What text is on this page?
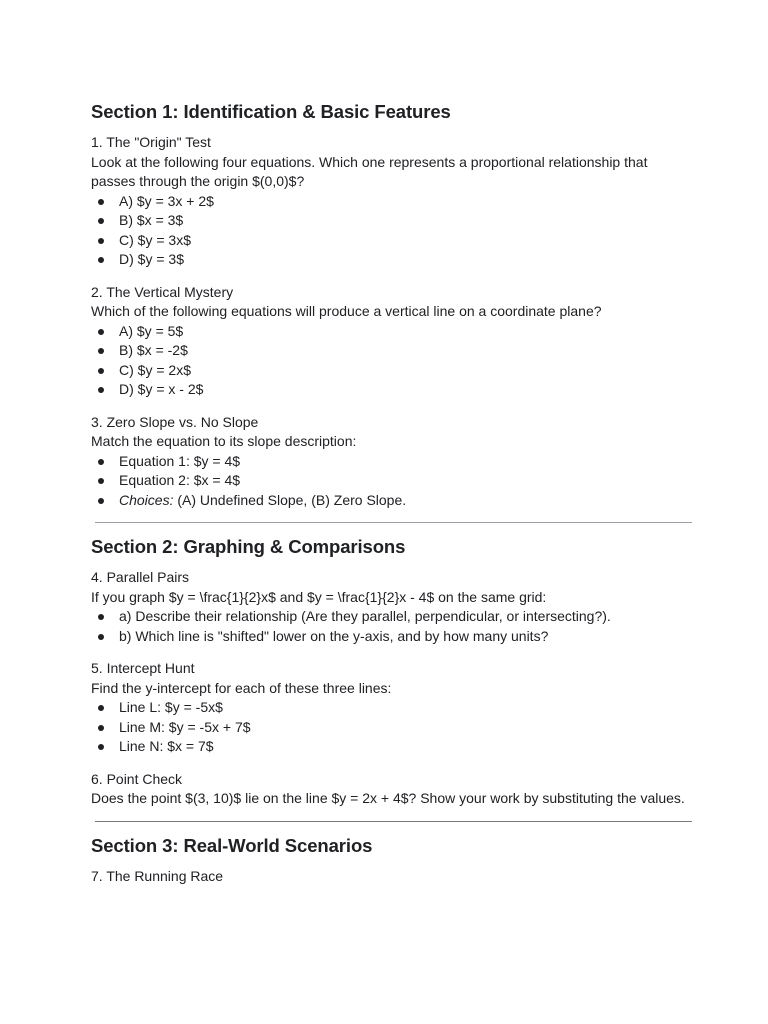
Section 1: Identification & Basic Features

1. The "Origin" Test

Look at the following four equations. Which one represents a proportional relationship that passes through the origin $(0,0)$?

A) $y = 3x + 2$
B) $x = 3$
C) $y = 3x$
D) $y = 3$

2. The Vertical Mystery

Which of the following equations will produce a vertical line on a coordinate plane?

A) $y = 5$
B) $x = -2$
C) $y = 2x$
D) $y = x - 2$

3. Zero Slope vs. No Slope

Match the equation to its slope description:

Equation 1: $y = 4$
Equation 2: $x = 4$
Choices: (A) Undefined Slope, (B) Zero Slope.
Section 2: Graphing & Comparisons

4. Parallel Pairs

If you graph $y = \frac{1}{2}x$ and $y = \frac{1}{2}x - 4$ on the same grid:

a) Describe their relationship (Are they parallel, perpendicular, or intersecting?).
b) Which line is "shifted" lower on the y-axis, and by how many units?

5. Intercept Hunt

Find the y-intercept for each of these three lines:

Line L: $y = -5x$
Line M: $y = -5x + 7$
Line N: $x = 7$

6. Point Check

Does the point $(3, 10)$ lie on the line $y = 2x + 4$? Show your work by substituting the values.

Section 3: Real-World Scenarios

7. The Running Race
